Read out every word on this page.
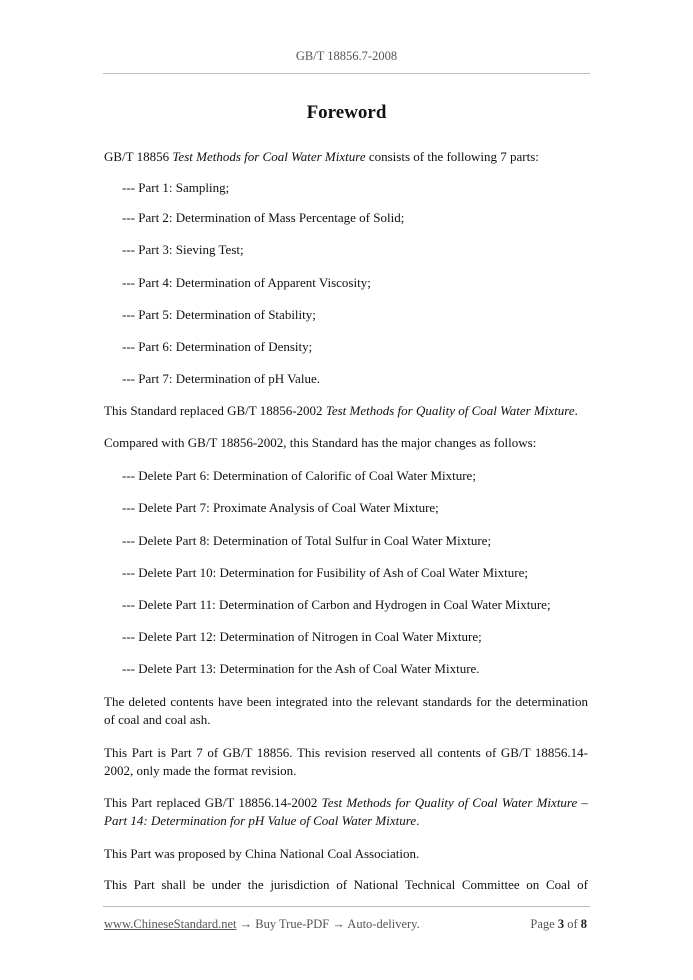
GB/T 18856.7-2008
Foreword
GB/T 18856 Test Methods for Coal Water Mixture consists of the following 7 parts:
--- Part 1: Sampling;
--- Part 2: Determination of Mass Percentage of Solid;
--- Part 3: Sieving Test;
--- Part 4: Determination of Apparent Viscosity;
--- Part 5: Determination of Stability;
--- Part 6: Determination of Density;
--- Part 7: Determination of pH Value.
This Standard replaced GB/T 18856-2002 Test Methods for Quality of Coal Water Mixture.
Compared with GB/T 18856-2002, this Standard has the major changes as follows:
--- Delete Part 6: Determination of Calorific of Coal Water Mixture;
--- Delete Part 7: Proximate Analysis of Coal Water Mixture;
--- Delete Part 8: Determination of Total Sulfur in Coal Water Mixture;
--- Delete Part 10: Determination for Fusibility of Ash of Coal Water Mixture;
--- Delete Part 11: Determination of Carbon and Hydrogen in Coal Water Mixture;
--- Delete Part 12: Determination of Nitrogen in Coal Water Mixture;
--- Delete Part 13: Determination for the Ash of Coal Water Mixture.
The deleted contents have been integrated into the relevant standards for the determination of coal and coal ash.
This Part is Part 7 of GB/T 18856. This revision reserved all contents of GB/T 18856.14-2002, only made the format revision.
This Part replaced GB/T 18856.14-2002 Test Methods for Quality of Coal Water Mixture – Part 14: Determination for pH Value of Coal Water Mixture.
This Part was proposed by China National Coal Association.
This Part shall be under the jurisdiction of National Technical Committee on Coal of
www.ChineseStandard.net → Buy True-PDF → Auto-delivery.	Page 3 of 8
